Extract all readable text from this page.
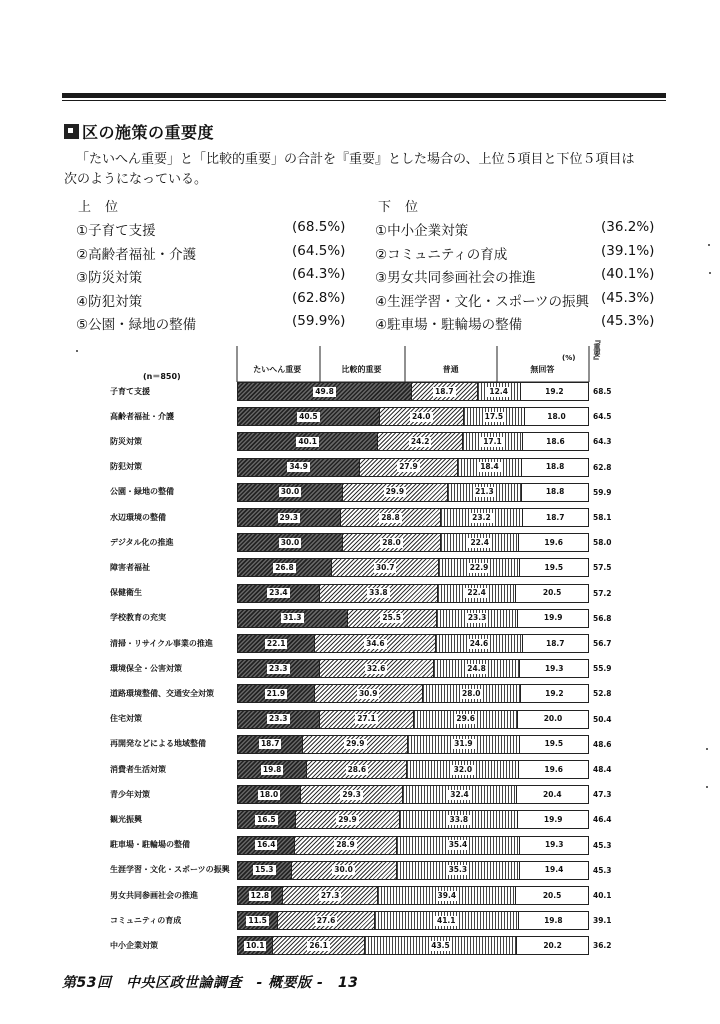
区の施策の重要度
「たいへん重要」と「比較的重要」の合計を『重要』とした場合の、上位５項目と下位５項目は
次のようになっている。
上位	下位
①子育て支援	(68.5%)
②高齢者福祉・介護	(64.5%)
③防災対策	(64.3%)
④防犯対策	(62.8%)
⑤公園・緑地の整備	(59.9%)
①中小企業対策	(36.2%)
②コミュニティの育成	(39.1%)
③男女共同参画社会の推進	(40.1%)
④生涯学習・文化・スポーツの振興 (45.3%)
④駐車場・駐輪場の整備	(45.3%)
(n＝850)
(%)	『重要』
たいへん重要	比較的重要	普通	無回答
子育て支援	49.8	18.7	12.4	19.2	68.5
高齢者福祉・介護	40.5	24.0	17.5	18.0	64.5
防災対策	40.1	24.2	17.1	18.6	64.3
防犯対策	34.9	27.9	18.4	18.8	62.8
公園・緑地の整備	30.0	29.9	21.3	18.8	59.9
水辺環境の整備	29.3	28.8	23.2	18.7	58.1
デジタル化の推進	30.0	28.0	22.4	19.6	58.0
障害者福祉	26.8	30.7	22.9	19.5	57.5
保健衛生	23.4	33.8	22.4	20.5	57.2
学校教育の充実	31.3	25.5	23.3	19.9	56.8
清掃・リサイクル事業の推進	22.1	34.6	24.6	18.7	56.7
環境保全・公害対策	23.3	32.6	24.8	19.3	55.9
道路環境整備、交通安全対策	21.9	30.9	28.0	19.2	52.8
住宅対策	23.3	27.1	29.6	20.0	50.4
再開発などによる地域整備	18.7	29.9	31.9	19.5	48.6
消費者生活対策	19.8	28.6	32.0	19.6	48.4
青少年対策	18.0	29.3	32.4	20.4	47.3
観光振興	16.5	29.9	33.8	19.9	46.4
駐車場・駐輪場の整備	16.4	28.9	35.4	19.3	45.3
生涯学習・文化・スポーツの振興	15.3	30.0	35.3	19.4	45.3
男女共同参画社会の推進	12.8	27.3	39.4	20.5	40.1
コミュニティの育成	11.5	27.6	41.1	19.8	39.1
中小企業対策	10.1	26.1	43.5	20.2	36.2
第53回　中央区政世論調査　- 概要版 -　13
